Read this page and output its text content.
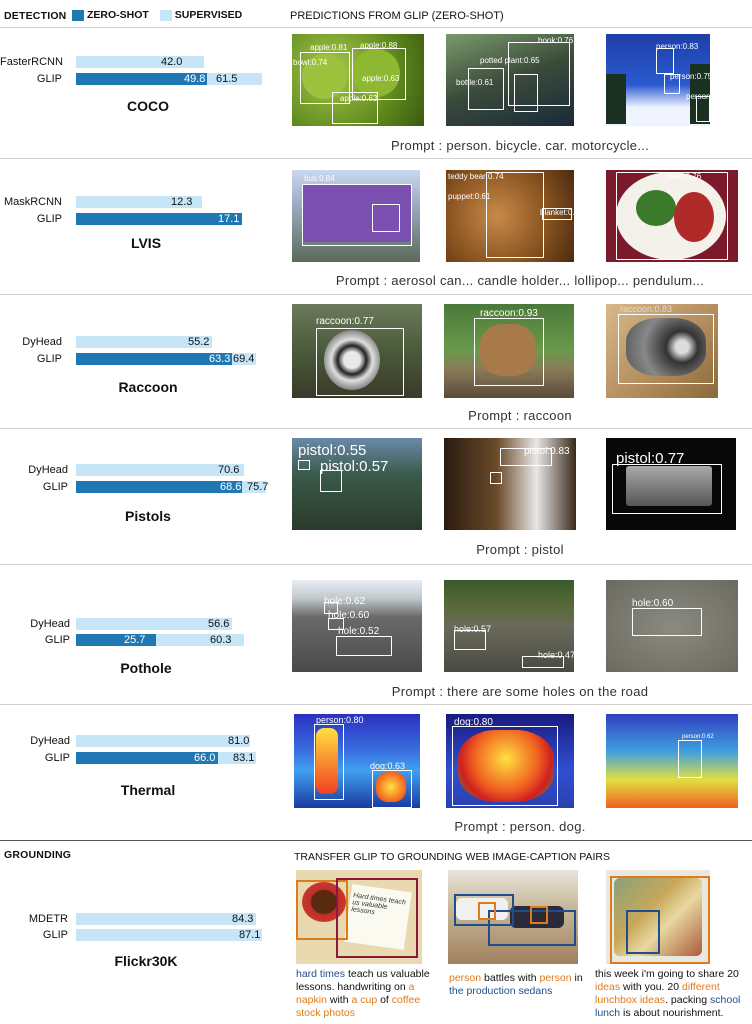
DETECTION	ZERO-SHOT SUPERVISED	PREDICTIONS FROM GLIP (ZERO-SHOT)
FasterRCNN	42.0
GLIP	49.8 61.5
COCO
apple:0.81 apple:0.88
bowl:0.74
apple:0.63
apple:0.63
book:0.76
potted plant:0.65
bottle:0.61
person:0.83
person:0.75
person:0.86
Prompt : person. bicycle. car. motorcycle...
MaskRCNN	12.3
GLIP	17.1
LVIS
bus:0.84	teddy bear:0.74
puppet:0.61
blanket:0.47
plate:0.76
Prompt : aerosol can... candle holder... lollipop... pendulum...
DyHead	55.2
GLIP	63.3 69.4
Raccoon
raccoon:0.77
raccoon:0.93	raccoon:0.83
Prompt : raccoon
DyHead	70.6
GLIP	68.6 75.7
Pistols
pistol:0.55
pistol:0.57
pistol:0.83	pistol:0.77
Prompt : pistol
DyHead	56.6
GLIP	25.7	60.3
Pothole
hole:0.62
hole:0.60
hole:0.52	hole:0.57
hole:0.47
hole:0.60
Prompt : there are some holes on the road
DyHead	81.0
GLIP	66.0 83.1
Thermal
person:0.80
dog:0.63
dog:0.80
person:0.62
Prompt : person. dog.
GROUNDING	TRANSFER GLIP TO GROUNDING WEB IMAGE-CAPTION PAIRS
MDETR	84.3
GLIP	87.1
Flickr30K
Hard times teach us valuable lessons
hard times teach us valuable lessons. handwriting on a napkin with a cup of coffee stock photos
person battles with person in the production sedans
this week i'm going to share 20 ideas with you. 20 different lunchbox ideas. packing school lunch is about nourishment.
